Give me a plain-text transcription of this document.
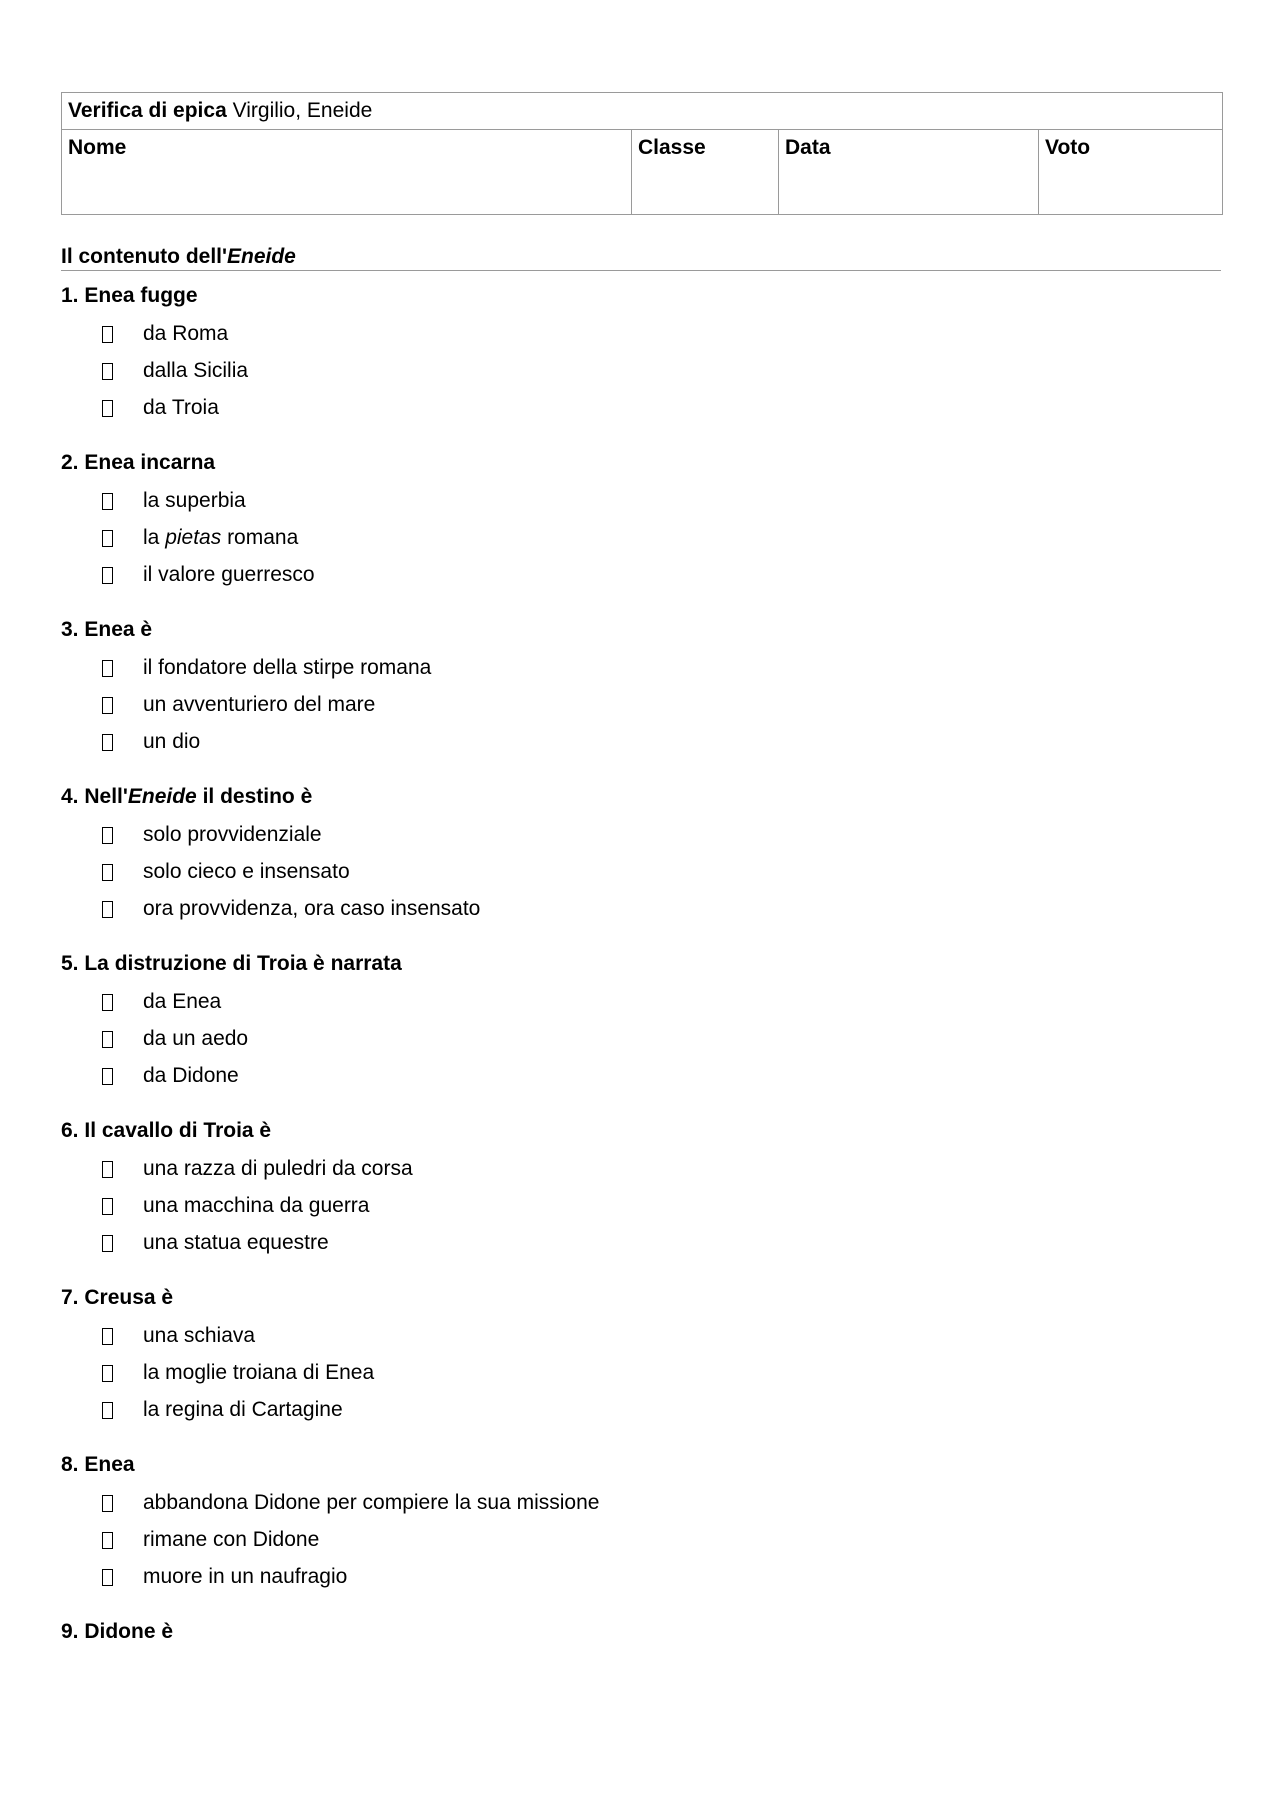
Verifica di epica Virgilio, Eneide
Nome	Classe	Data	Voto
Il contenuto dell'Eneide
1. Enea fugge
da Roma
dalla Sicilia
da Troia
2. Enea incarna
la superbia
la pietas romana
il valore guerresco
3. Enea è
il fondatore della stirpe romana
un avventuriero del mare
un dio
4. Nell'Eneide il destino è
solo provvidenziale
solo cieco e insensato
ora provvidenza, ora caso insensato
5. La distruzione di Troia è narrata
da Enea
da un aedo
da Didone
6. Il cavallo di Troia è
una razza di puledri da corsa
una macchina da guerra
una statua equestre
7. Creusa è
una schiava
la moglie troiana di Enea
la regina di Cartagine
8. Enea
abbandona Didone per compiere la sua missione
rimane con Didone
muore in un naufragio
9. Didone è
